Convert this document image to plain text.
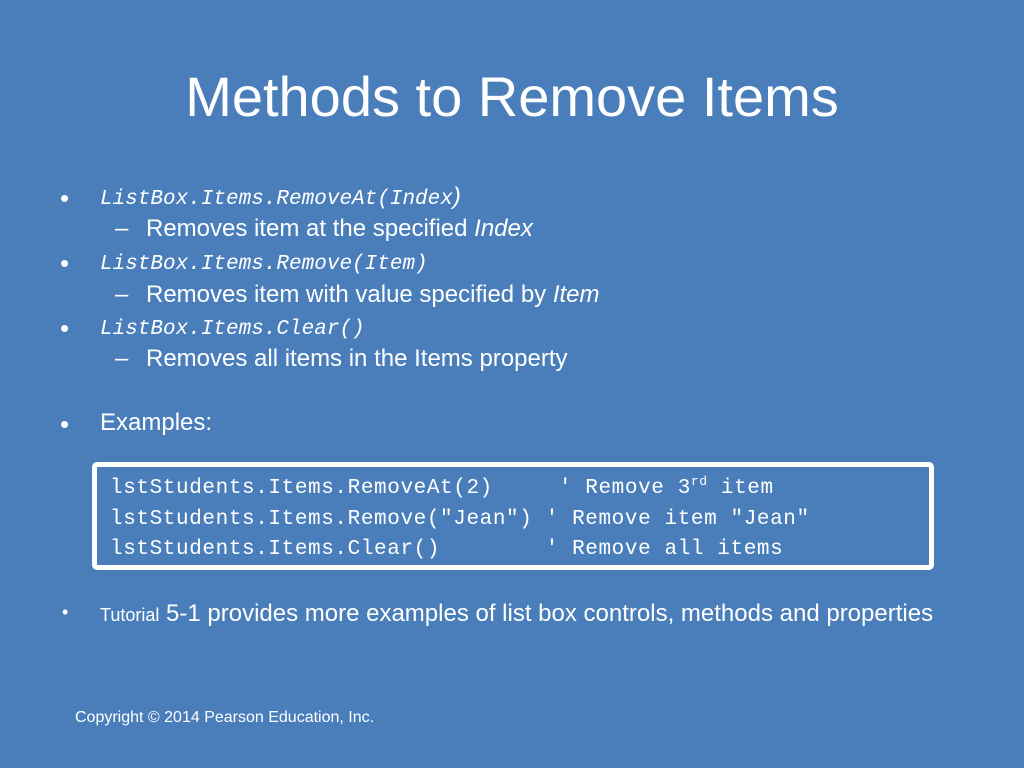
Methods to Remove Items
• ListBox.Items.RemoveAt(Index)
– Removes item at the specified Index
• ListBox.Items.Remove(Item)
– Removes item with value specified by Item
• ListBox.Items.Clear()
– Removes all items in the Items property
• Examples:
lstStudents.Items.RemoveAt(2)     ' Remove 3rd item
lstStudents.Items.Remove("Jean") ' Remove item "Jean"
lstStudents.Items.Clear()        ' Remove all items
• Tutorial 5-1 provides more examples of list box controls, methods and properties
Copyright © 2014 Pearson Education, Inc.
